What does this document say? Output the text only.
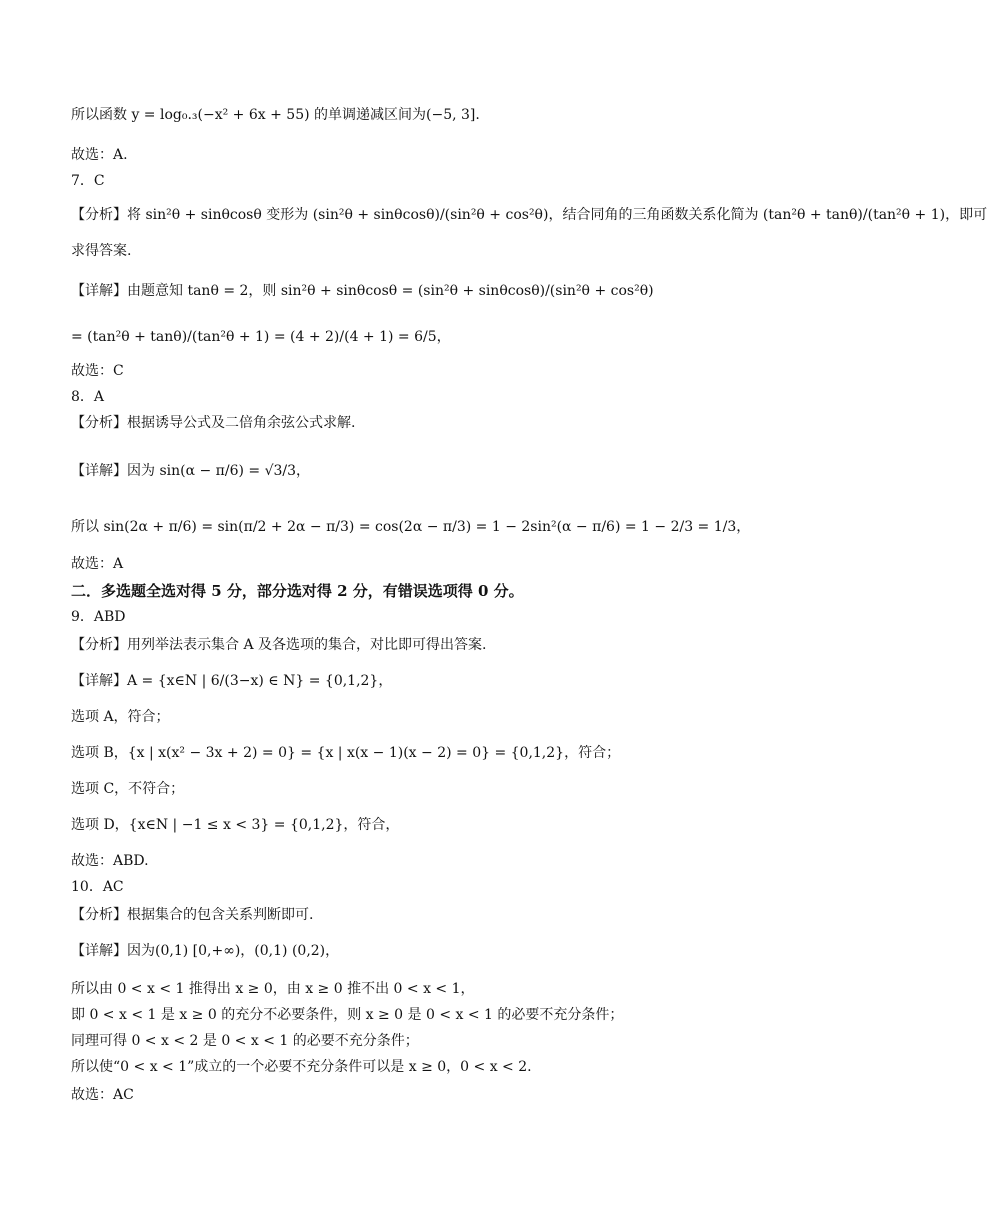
所以函数 y = log₀.₃(−x² + 6x + 55) 的单调递减区间为(−5, 3].
故选：A.
7．C
【分析】将 sin²θ + sinθcosθ 变形为 (sin²θ + sinθcosθ)/(sin²θ + cos²θ)，结合同角的三角函数关系化简为 (tan²θ + tanθ)/(tan²θ + 1)，即可
求得答案.
【详解】由题意知 tanθ = 2，则 sin²θ + sinθcosθ = (sin²θ + sinθcosθ)/(sin²θ + cos²θ)
= (tan²θ + tanθ)/(tan²θ + 1) = (4 + 2)/(4 + 1) = 6/5，
故选：C
8．A
【分析】根据诱导公式及二倍角余弦公式求解.
【详解】因为 sin(α − π/6) = √3/3，
所以 sin(2α + π/6) = sin(π/2 + 2α − π/3) = cos(2α − π/3) = 1 − 2sin²(α − π/6) = 1 − 2/3 = 1/3，
故选：A
二．多选题全选对得 5 分，部分选对得 2 分，有错误选项得 0 分。
9．ABD
【分析】用列举法表示集合 A 及各选项的集合，对比即可得出答案.
【详解】A = {x∈N | 6/(3−x) ∈ N} = {0,1,2}，
选项 A，符合；
选项 B，{x | x(x² − 3x + 2) = 0} = {x | x(x − 1)(x − 2) = 0} = {0,1,2}，符合；
选项 C，不符合；
选项 D，{x∈N | −1 ≤ x < 3} = {0,1,2}，符合，
故选：ABD.
10．AC
【分析】根据集合的包含关系判断即可.
【详解】因为(0,1) [0,+∞)，(0,1) (0,2)，
所以由 0 < x < 1 推得出 x ≥ 0，由 x ≥ 0 推不出 0 < x < 1，
即 0 < x < 1 是 x ≥ 0 的充分不必要条件，则 x ≥ 0 是 0 < x < 1 的必要不充分条件；
同理可得 0 < x < 2 是 0 < x < 1 的必要不充分条件；
所以使“0 < x < 1”成立的一个必要不充分条件可以是 x ≥ 0，0 < x < 2.
故选：AC
